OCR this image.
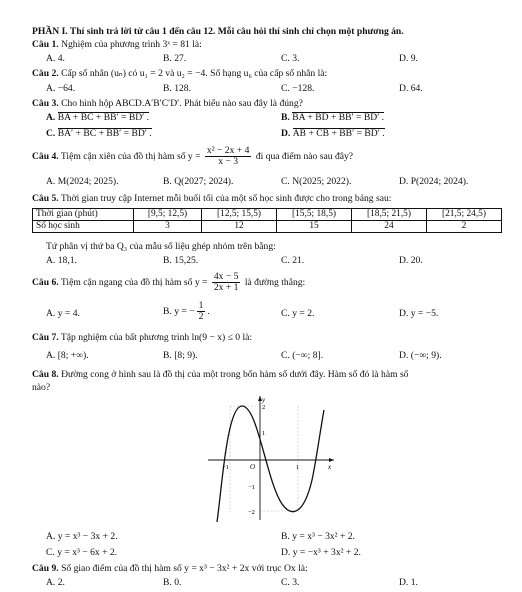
PHẦN I. Thí sinh trả lời từ câu 1 đến câu 12. Mỗi câu hỏi thí sinh chỉ chọn một phương án.
Câu 1. Nghiệm của phương trình 3ˣ = 81 là:
A. 4.	B. 27.	C. 3.	D. 9.
Câu 2. Cấp số nhân (uₙ) có u₁ = 2 và u₂ = −4. Số hạng u₆ của cấp số nhân là:
A. −64.	B. 128.	C. −128.	D. 64.
Câu 3. Cho hình hộp ABCD.A′B′C′D′. Phát biểu nào sau đây là đúng?
A. BA + BC + BB′ = BD′ .	B. BA + BD + BB′ = BD′ .
C. BA′ + BC + BB′ = BD′ .	D. AB + CB + BB′ = BD′ .
Câu 4. Tiệm cận xiên của đồ thị hàm số $y = \frac{\text{x² − 2x + 4}}{x - 3}$ đi qua điểm nào sau đây?
A. M(2024; 2025).	B. Q(2027; 2024).	C. N(2025; 2022).	D. P(2024; 2024).
Câu 5. Thời gian truy cập Internet mỗi buổi tối của một số học sinh được cho trong bảng sau:
Thời gian (phút)	[9,5; 12,5)	[12,5; 15,5)	[15,5; 18,5)	[18,5; 21,5)	[21,5; 24,5)
Số học sinh	3	12	15	24	2
Tứ phân vị thứ ba Q₃ của mẫu số liệu ghép nhóm trên bằng:
A. 18,1.	B. 15,25.	C. 21.	D. 20.
Câu 6. Tiệm cận ngang của đồ thị hàm số $y = \frac{4x - 5}{2x + 1}$ là đường thẳng:
A. y = 4.	B. y = − $\frac{1}{2}$ .	C. y = 2.	D. y = −5.
Câu 7. Tập nghiệm của bất phương trình ln(9 − x) ≤ 0 là:
A. [8; +∞).	B. [8; 9).	C. (−∞; 8].	D. (−∞; 9).
Câu 8. Đường cong ở hình sau là đồ thị của một trong bốn hàm số dưới đây. Hàm số đó là hàm số
nào?
y
x
O
−1	1
2
1
−1
−2
A. y = x³ − 3x + 2.	B. y = x³ − 3x² + 2.
C. y = x³ − 6x + 2.	D. y = −x³ + 3x² + 2.
Câu 9. Số giao điểm của đồ thị hàm số y = x³ − 3x² + 2x với trục Ox là:
A. 2.	B. 0.	C. 3.	D. 1.
